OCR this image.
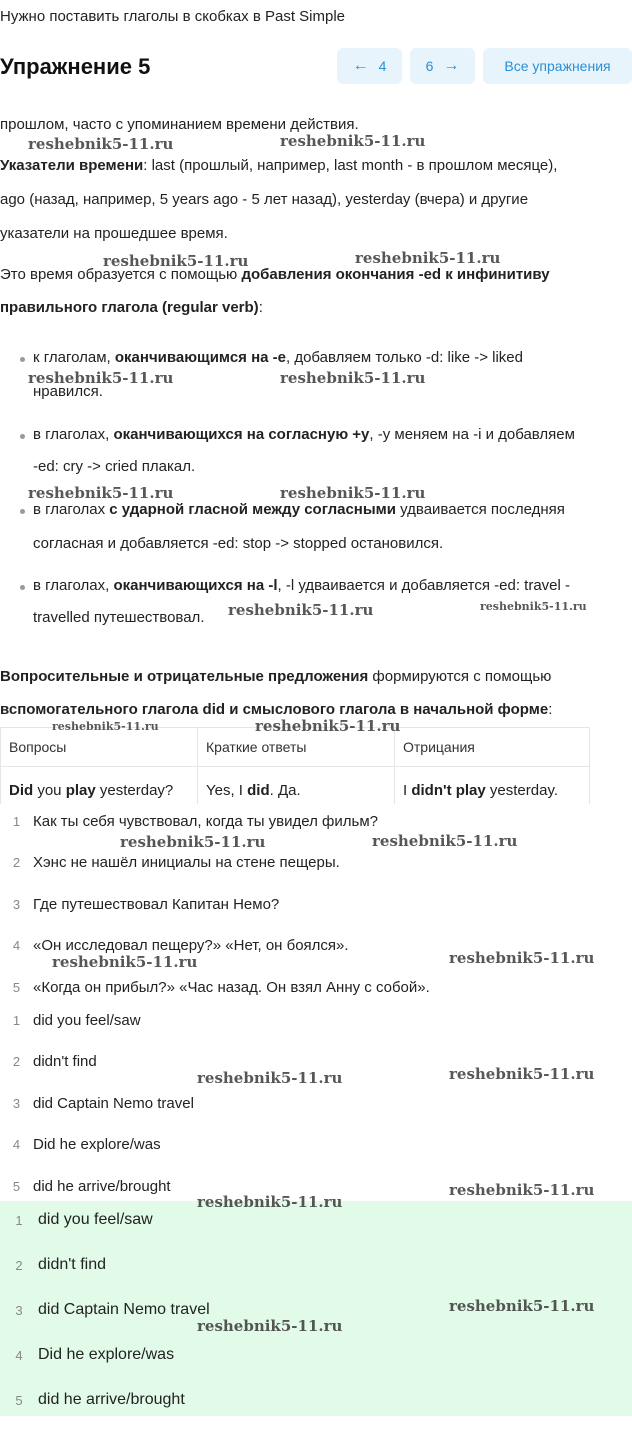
Нужно поставить глаголы в скобках в Past Simple
Упражнение 5	← 4	6 →	Все упражнения
прошлом, часто с упоминанием времени действия.
Указатели времени: last (прошлый, например, last month - в прошлом месяце),
ago (назад, например, 5 years ago - 5 лет назад), yesterday (вчера) и другие
указатели на прошедшее время.
Это время образуется с помощью добавления окончания -ed к инфинитиву
правильного глагола (regular verb):
к глаголам, оканчивающимся на -e, добавляем только -d: like -> liked
нравился.
в глаголах, оканчивающихся на согласную +y, -y меняем на -i и добавляем
-ed: cry -> cried плакал.
в глаголах с ударной гласной между согласными удваивается последняя
согласная и добавляется -ed: stop -> stopped остановился.
в глаголах, оканчивающихся на -l, -l удваивается и добавляется -ed: travel -
travelled путешествовал.
Вопросительные и отрицательные предложения формируются с помощью
вспомогательного глагола did и смыслового глагола в начальной форме:
Вопросы	Краткие ответы	Отрицания
Did you play yesterday?	Yes, I did. Да.	I didn't play yesterday.
1 Как ты себя чувствовал, когда ты увидел фильм?
2 Хэнс не нашёл инициалы на стене пещеры.
3 Где путешествовал Капитан Немо?
4 «Он исследовал пещеру?» «Нет, он боялся».
5 «Когда он прибыл?» «Час назад. Он взял Анну с собой».
1 did you feel/saw
2 didn't find
3 did Captain Nemo travel
4 Did he explore/was
5 did he arrive/brought
1 did you feel/saw
2 didn't find
3 did Captain Nemo travel
4 Did he explore/was
5 did he arrive/brought
reshebnik5-11.ru	reshebnik5-11.ru
reshebnik5-11.ru	reshebnik5-11.ru
reshebnik5-11.ru	reshebnik5-11.ru
reshebnik5-11.ru	reshebnik5-11.ru
reshebnik5-11.ru	reshebnik5-11.ru
reshebnik5-11.ru	reshebnik5-11.ru
reshebnik5-11.ru	reshebnik5-11.ru
reshebnik5-11.ru	reshebnik5-11.ru
reshebnik5-11.ru	reshebnik5-11.ru
reshebnik5-11.ru
reshebnik5-11.ru
reshebnik5-11.ru
reshebnik5-11.ru
